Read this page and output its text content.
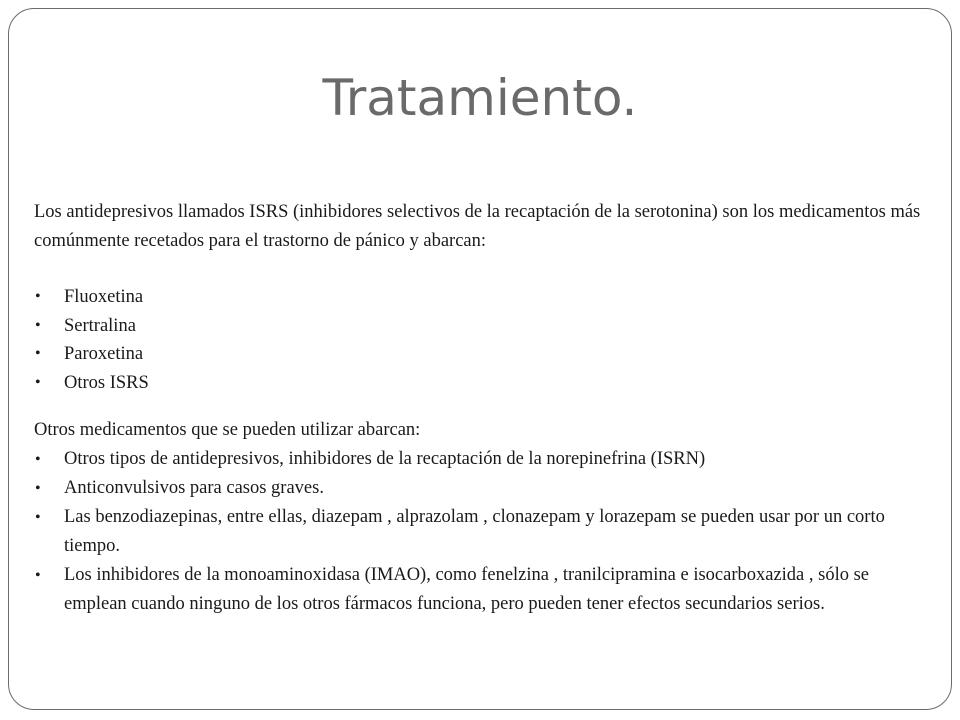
Tratamiento.

Los antidepresivos llamados ISRS (inhibidores selectivos de la recaptación de la serotonina) son los medicamentos más comúnmente recetados para el trastorno de pánico y abarcan:

• Fluoxetina
• Sertralina
• Paroxetina
• Otros ISRS

Otros medicamentos que se pueden utilizar abarcan:

• Otros tipos de antidepresivos, inhibidores de la recaptación de la norepinefrina (ISRN)
• Anticonvulsivos para casos graves.
• Las benzodiazepinas, entre ellas, diazepam , alprazolam , clonazepam y lorazepam se pueden usar por un corto tiempo.
• Los inhibidores de la monoaminoxidasa (IMAO), como fenelzina , tranilcipramina e isocarboxazida , sólo se emplean cuando ninguno de los otros fármacos funciona, pero pueden tener efectos secundarios serios.
